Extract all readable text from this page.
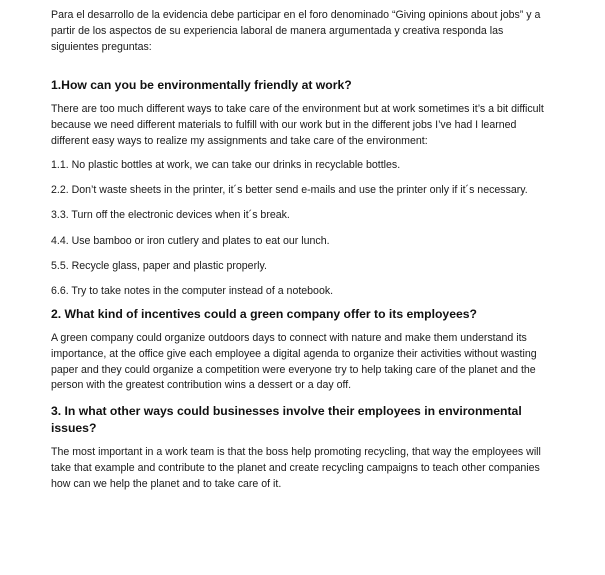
Para el desarrollo de la evidencia debe participar en el foro denominado “Giving opinions about jobs” y a partir de los aspectos de su experiencia laboral de manera argumentada y creativa responda las siguientes preguntas:

1.How can you be environmentally friendly at work?

There are too much different ways to take care of the environment but at work sometimes it’s a bit difficult because we need different materials to fulfill with our work but in the different jobs I’ve had I learned different easy ways to realize my assignments and take care of the environment:

1.1. No plastic bottles at work, we can take our drinks in recyclable bottles.

2.2. Don’t waste sheets in the printer, it´s better send e-mails and use the printer only if it´s necessary.

3.3. Turn off the electronic devices when it´s break.

4.4. Use bamboo or iron cutlery and plates to eat our lunch.

5.5. Recycle glass, paper and plastic properly.

6.6. Try to take notes in the computer instead of a notebook.

2. What kind of incentives could a green company offer to its employees?

A green company could organize outdoors days to connect with nature and make them understand its importance, at the office give each employee a digital agenda to organize their activities without wasting paper and they could organize a competition were everyone try to help taking care of the planet and the person with the greatest contribution wins a dessert or a day off.

3. In what other ways could businesses involve their employees in environmental issues?

The most important in a work team is that the boss help promoting recycling, that way the employees will take that example and contribute to the planet and create recycling campaigns to teach other companies how can we help the planet and to take care of it.
